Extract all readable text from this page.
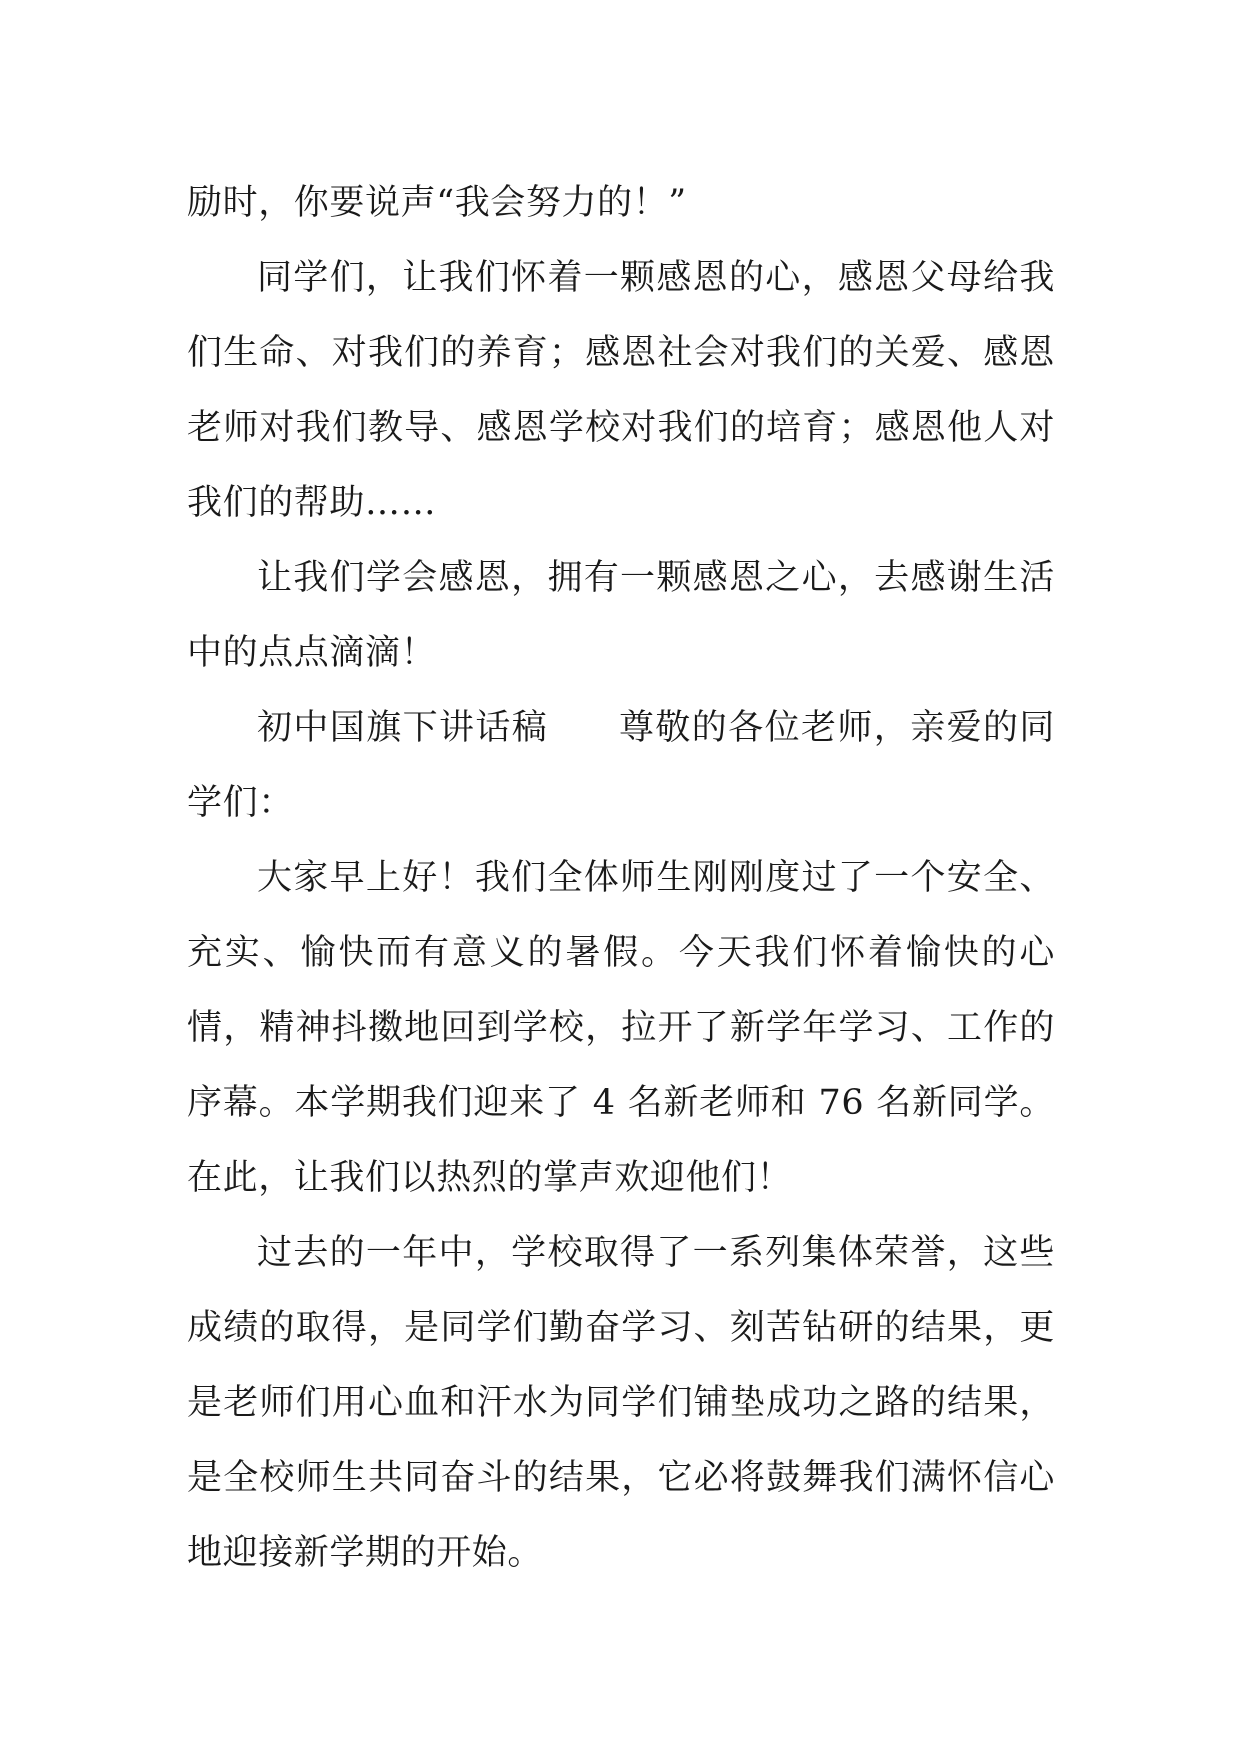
励时，你要说声“我会努力的！”

同学们，让我们怀着一颗感恩的心，感恩父母给我们生命、对我们的养育；感恩社会对我们的关爱、感恩老师对我们教导、感恩学校对我们的培育；感恩他人对我们的帮助……

让我们学会感恩，拥有一颗感恩之心，去感谢生活中的点点滴滴！

初中国旗下讲话稿 尊敬的各位老师，亲爱的同学们：

大家早上好！我们全体师生刚刚度过了一个安全、充实、愉快而有意义的暑假。今天我们怀着愉快的心情，精神抖擞地回到学校，拉开了新学年学习、工作的序幕。本学期我们迎来了 4 名新老师和 76 名新同学。在此，让我们以热烈的掌声欢迎他们！

过去的一年中，学校取得了一系列集体荣誉，这些成绩的取得，是同学们勤奋学习、刻苦钻研的结果，更是老师们用心血和汗水为同学们铺垫成功之路的结果，是全校师生共同奋斗的结果，它必将鼓舞我们满怀信心地迎接新学期的开始。
